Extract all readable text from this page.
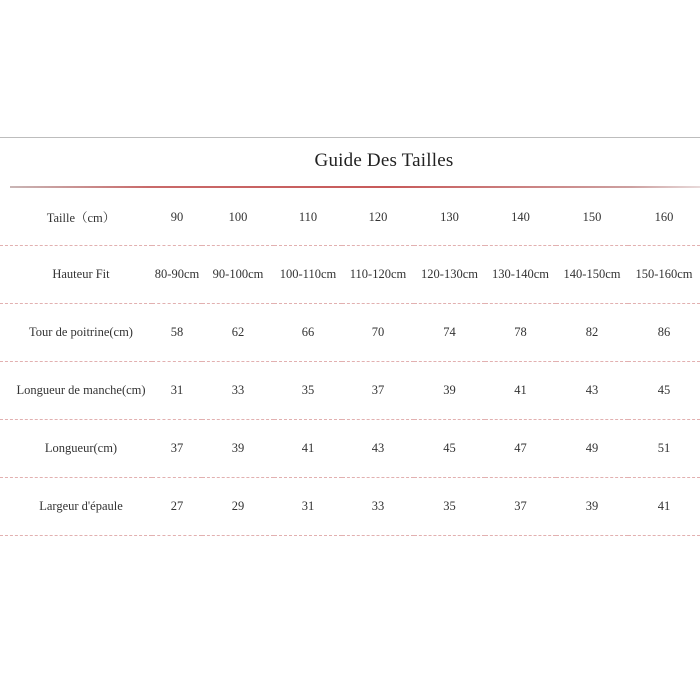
Guide Des Tailles
Taille（cm）	90	100	110	120	130	140	150	160
Hauteur Fit	80-90cm	90-100cm	100-110cm	110-120cm	120-130cm	130-140cm	140-150cm	150-160cm
Tour de poitrine(cm)	58	62	66	70	74	78	82	86
Longueur de manche(cm)	31	33	35	37	39	41	43	45
Longueur(cm)	37	39	41	43	45	47	49	51
Largeur d'épaule	27	29	31	33	35	37	39	41
